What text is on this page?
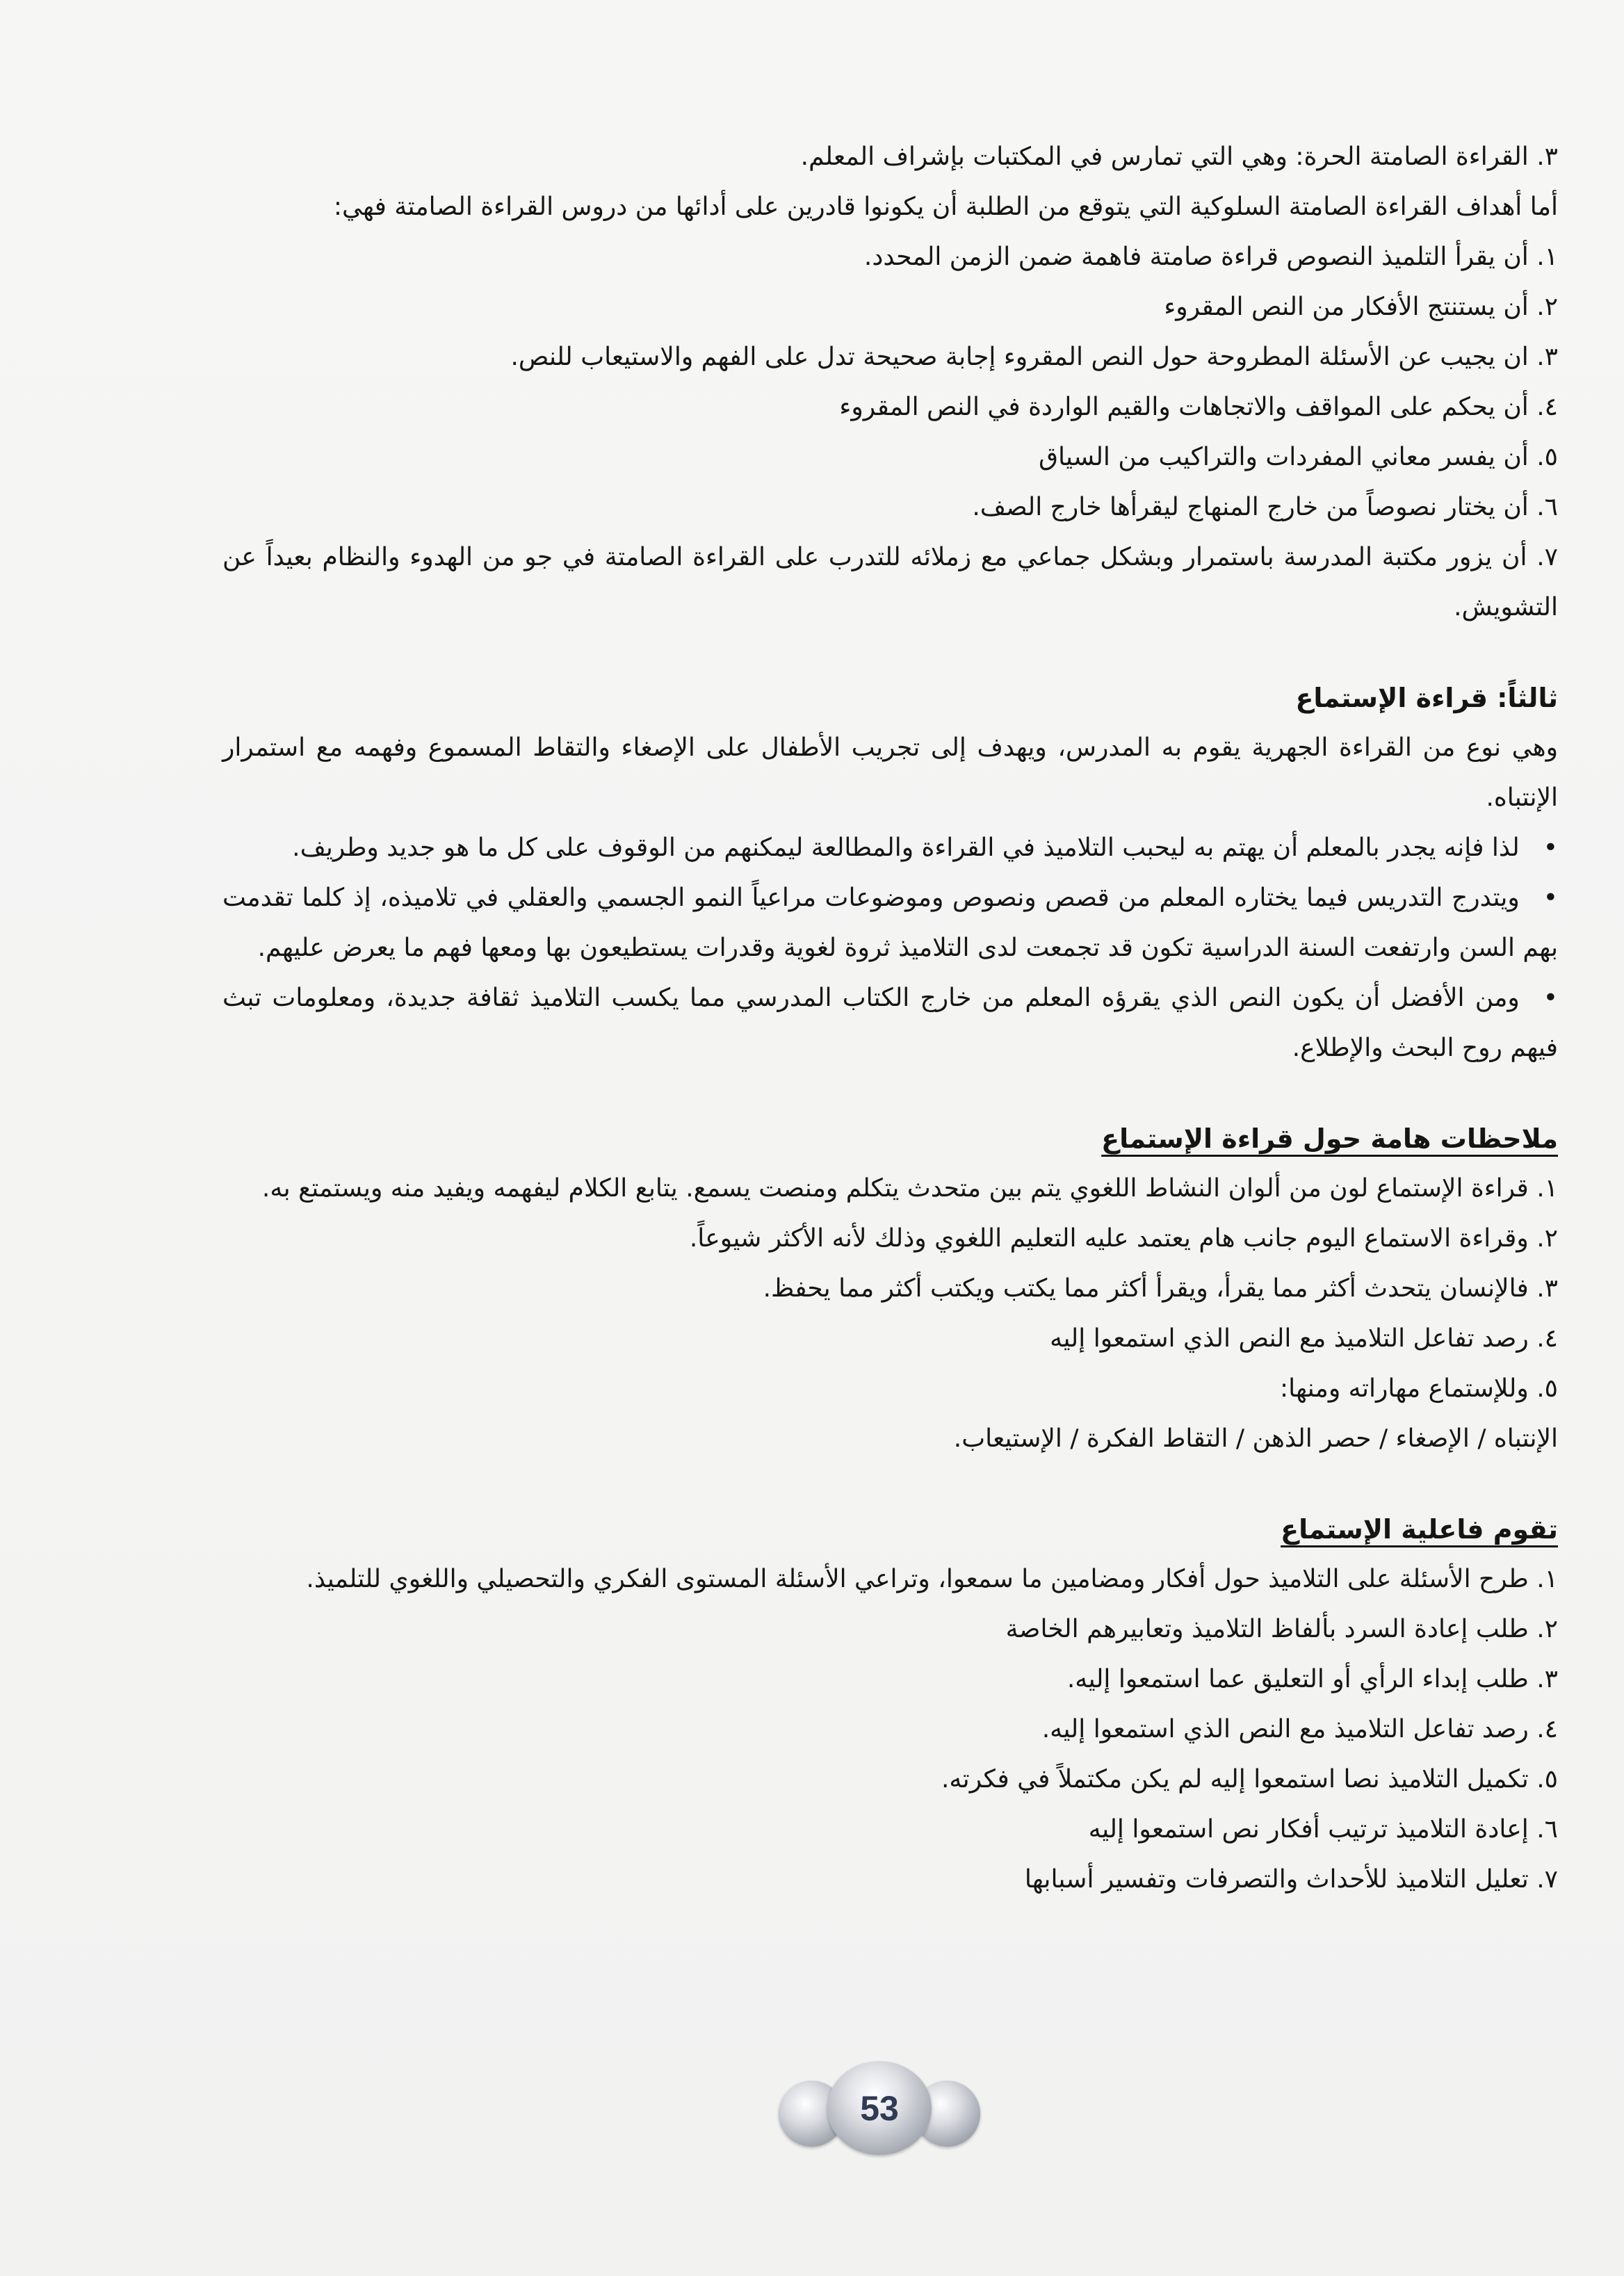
٣. القراءة الصامتة الحرة: وهي التي تمارس في المكتبات بإشراف المعلم.
أما أهداف القراءة الصامتة السلوكية التي يتوقع من الطلبة أن يكونوا قادرين على أدائها من دروس القراءة الصامتة فهي:
١. أن يقرأ التلميذ النصوص قراءة صامتة فاهمة ضمن الزمن المحدد.
٢. أن يستنتج الأفكار من النص المقروء
٣. ان يجيب عن الأسئلة المطروحة حول النص المقروء إجابة صحيحة تدل على الفهم والاستيعاب للنص.
٤. أن يحكم على المواقف والاتجاهات والقيم الواردة في النص المقروء
٥. أن يفسر معاني المفردات والتراكيب من السياق
٦. أن يختار نصوصاً من خارج المنهاج ليقرأها خارج الصف.
٧. أن يزور مكتبة المدرسة باستمرار وبشكل جماعي مع زملائه للتدرب على القراءة الصامتة في جو من الهدوء والنظام بعيداً عن التشويش.
ثالثاً: قراءة الإستماع
وهي نوع من القراءة الجهرية يقوم به المدرس، ويهدف إلى تجريب الأطفال على الإصغاء والتقاط المسموع وفهمه مع استمرار الإنتباه.
•لذا فإنه يجدر بالمعلم أن يهتم به ليحبب التلاميذ في القراءة والمطالعة ليمكنهم من الوقوف على كل ما هو جديد وطريف.
•ويتدرج التدريس فيما يختاره المعلم من قصص ونصوص وموضوعات مراعياً النمو الجسمي والعقلي في تلاميذه، إذ كلما تقدمت بهم السن وارتفعت السنة الدراسية تكون قد تجمعت لدى التلاميذ ثروة لغوية وقدرات يستطيعون بها ومعها فهم ما يعرض عليهم.
•ومن الأفضل أن يكون النص الذي يقرؤه المعلم من خارج الكتاب المدرسي مما يكسب التلاميذ ثقافة جديدة، ومعلومات تبث فيهم روح البحث والإطلاع.
ملاحظات هامة حول قراءة الإستماع
١. قراءة الإستماع لون من ألوان النشاط اللغوي يتم بين متحدث يتكلم ومنصت يسمع. يتابع الكلام ليفهمه ويفيد منه ويستمتع به.
٢. وقراءة الاستماع اليوم جانب هام يعتمد عليه التعليم اللغوي وذلك لأنه الأكثر شيوعاً.
٣. فالإنسان يتحدث أكثر مما يقرأ، ويقرأ أكثر مما يكتب ويكتب أكثر مما يحفظ.
٤. رصد تفاعل التلاميذ مع النص الذي استمعوا إليه
٥. وللإستماع مهاراته ومنها:
الإنتباه / الإصغاء / حصر الذهن / التقاط الفكرة / الإستيعاب.
تقوم فاعلية الإستماع
١. طرح الأسئلة على التلاميذ حول أفكار ومضامين ما سمعوا، وتراعي الأسئلة المستوى الفكري والتحصيلي واللغوي للتلميذ.
٢. طلب إعادة السرد بألفاظ التلاميذ وتعابيرهم الخاصة
٣. طلب إبداء الرأي أو التعليق عما استمعوا إليه.
٤. رصد تفاعل التلاميذ مع النص الذي استمعوا إليه.
٥. تكميل التلاميذ نصا استمعوا إليه لم يكن مكتملاً في فكرته.
٦. إعادة التلاميذ ترتيب أفكار نص استمعوا إليه
٧. تعليل التلاميذ للأحداث والتصرفات وتفسير أسبابها
53
